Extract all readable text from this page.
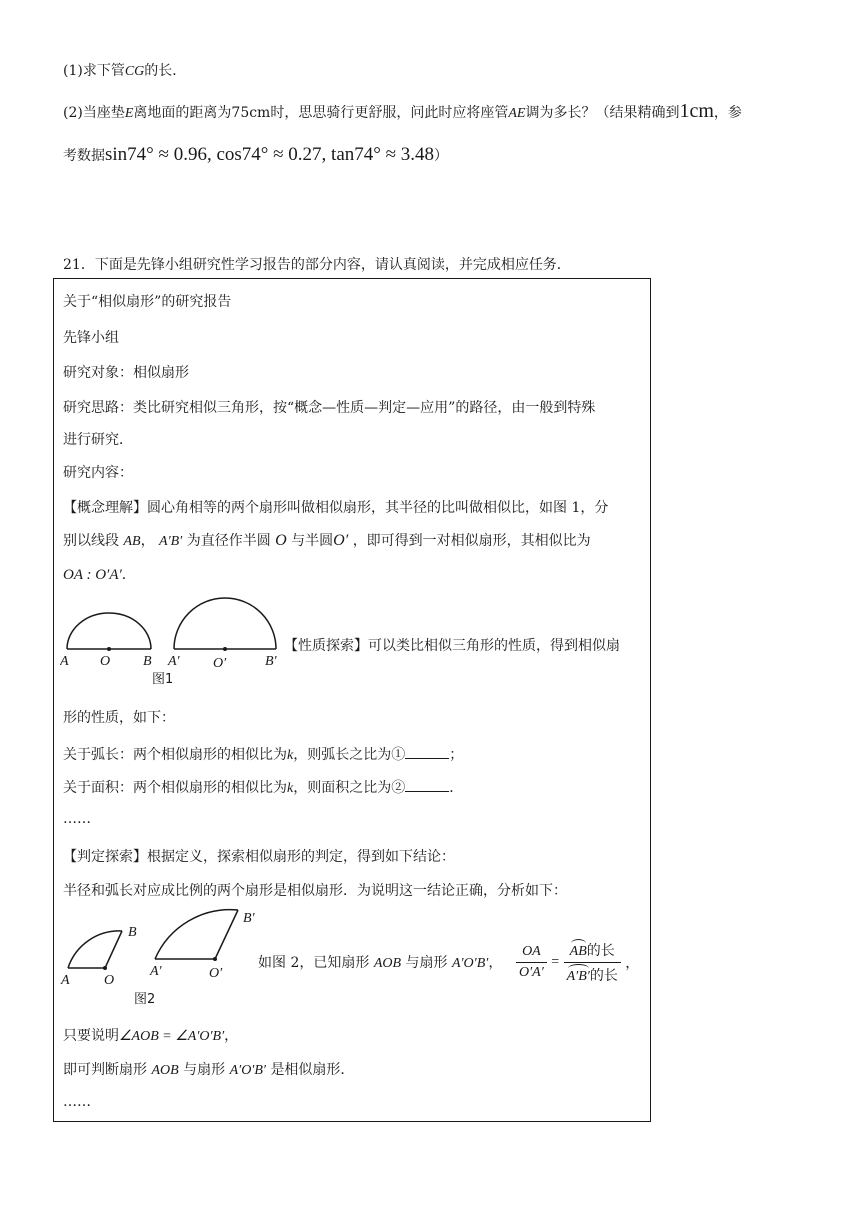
(1)求下管CG的长．
(2)当座垫E离地面的距离为75cm时，思思骑行更舒服，问此时应将座管AE调为多长？（结果精确到1cm，参
考数据sin74° ≈ 0.96, cos74° ≈ 0.27, tan74° ≈ 3.48）
21．下面是先锋小组研究性学习报告的部分内容，请认真阅读，并完成相应任务．
关于“相似扇形”的研究报告
先锋小组
研究对象：相似扇形
研究思路：类比研究相似三角形，按“概念—性质—判定—应用”的路径，由一般到特殊
进行研究．
研究内容：
【概念理解】圆心角相等的两个扇形叫做相似扇形，其半径的比叫做相似比，如图 1，分
别以线段 AB， A′B′ 为直径作半圆 O 与半圆O′ ，即可得到一对相似扇形，其相似比为
OA : O′A′．
A O B A′ O′	B′
图1
【性质探索】可以类比相似三角形的性质，得到相似扇
形的性质，如下：
关于弧长：两个相似扇形的相似比为k，则弧长之比为①	；
关于面积：两个相似扇形的相似比为k，则面积之比为②	．
……
【判定探索】根据定义，探索相似扇形的判定，得到如下结论：
半径和弧长对应成比例的两个扇形是相似扇形．为说明这一结论正确，分析如下：
A O
B
A′	O′
B′
图2
如图 2，已知扇形 AOB 与扇形 A′O′B′， $\frac{OA}{O'A'} = \frac{\text{AB的长}}{\text{A′B′的长}}$ ，
只要说明∠AOB = ∠A′O′B′，
即可判断扇形 AOB 与扇形 A′O′B′ 是相似扇形．
……
